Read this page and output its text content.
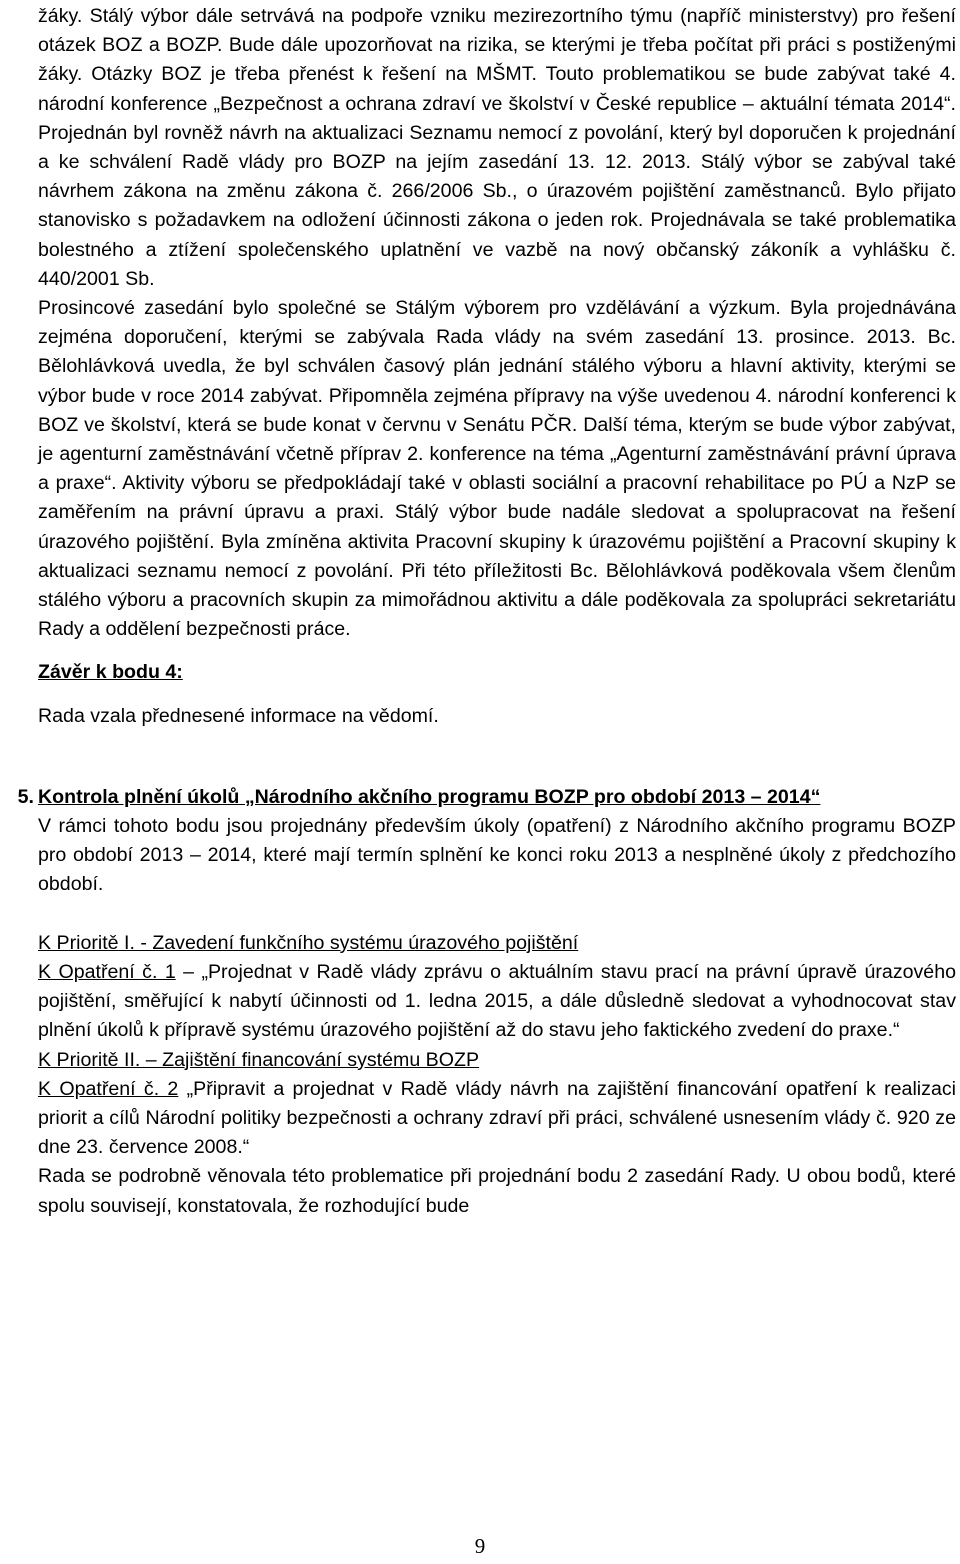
žáky. Stálý výbor dále setrvává na podpoře vzniku mezirezortního týmu (napříč ministerstvy) pro řešení otázek BOZ a BOZP. Bude dále upozorňovat na rizika, se kterými je třeba počítat při práci s postiženými žáky. Otázky BOZ je třeba přenést k řešení na MŠMT. Touto problematikou se bude zabývat také 4. národní konference „Bezpečnost a ochrana zdraví ve školství v České republice – aktuální témata 2014“. Projednán byl rovněž návrh na aktualizaci Seznamu nemocí z povolání, který byl doporučen k projednání a ke schválení Radě vlády pro BOZP na jejím zasedání 13. 12. 2013. Stálý výbor se zabýval také návrhem zákona na změnu zákona č. 266/2006 Sb., o úrazovém pojištění zaměstnanců. Bylo přijato stanovisko s požadavkem na odložení účinnosti zákona o jeden rok. Projednávala se také problematika bolestného a ztížení společenského uplatnění ve vazbě na nový občanský zákoník a vyhlášku č. 440/2001 Sb.

Prosincové zasedání bylo společné se Stálým výborem pro vzdělávání a výzkum. Byla projednávána zejména doporučení, kterými se zabývala Rada vlády na svém zasedání 13. prosince. 2013. Bc. Bělohlávková uvedla, že byl schválen časový plán jednání stálého výboru a hlavní aktivity, kterými se výbor bude v roce 2014 zabývat. Připomněla zejména přípravy na výše uvedenou 4. národní konferenci k BOZ ve školství, která se bude konat v červnu v Senátu PČR. Další téma, kterým se bude výbor zabývat, je agenturní zaměstnávání včetně příprav 2. konference na téma „Agenturní zaměstnávání právní úprava a praxe“. Aktivity výboru se předpokládají také v oblasti sociální a pracovní rehabilitace po PÚ a NzP se zaměřením na právní úpravu a praxi. Stálý výbor bude nadále sledovat a spolupracovat na řešení úrazového pojištění. Byla zmíněna aktivita Pracovní skupiny k úrazovému pojištění a Pracovní skupiny k aktualizaci seznamu nemocí z povolání. Při této příležitosti Bc. Bělohlávková poděkovala všem členům stálého výboru a pracovních skupin za mimořádnou aktivitu a dále poděkovala za spolupráci sekretariátu Rady a oddělení bezpečnosti práce.

Závěr k bodu 4:

Rada vzala přednesené informace na vědomí.

5. Kontrola plnění úkolů „Národního akčního programu BOZP pro období 2013 – 2014“

V rámci tohoto bodu jsou projednány především úkoly (opatření) z Národního akčního programu BOZP pro období 2013 – 2014, které mají termín splnění ke konci roku 2013 a nesplněné úkoly z předchozího období.

K Prioritě I. - Zavedení funkčního systému úrazového pojištění

K Opatření č. 1 – „Projednat v Radě vlády zprávu o aktuálním stavu prací na právní úpravě úrazového pojištění, směřující k nabytí účinnosti od 1. ledna 2015, a dále důsledně sledovat a vyhodnocovat stav plnění úkolů k přípravě systému úrazového pojištění až do stavu jeho faktického zvedení do praxe.“

K Prioritě II. – Zajištění financování systému BOZP

K Opatření č. 2 „Připravit a projednat v Radě vlády návrh na zajištění financování opatření k realizaci priorit a cílů Národní politiky bezpečnosti a ochrany zdraví při práci, schválené usnesením vlády č. 920 ze dne 23. července 2008.“

Rada se podrobně věnovala této problematice při projednání bodu 2 zasedání Rady. U obou bodů, které spolu souvisejí, konstatovala, že rozhodující bude

9
